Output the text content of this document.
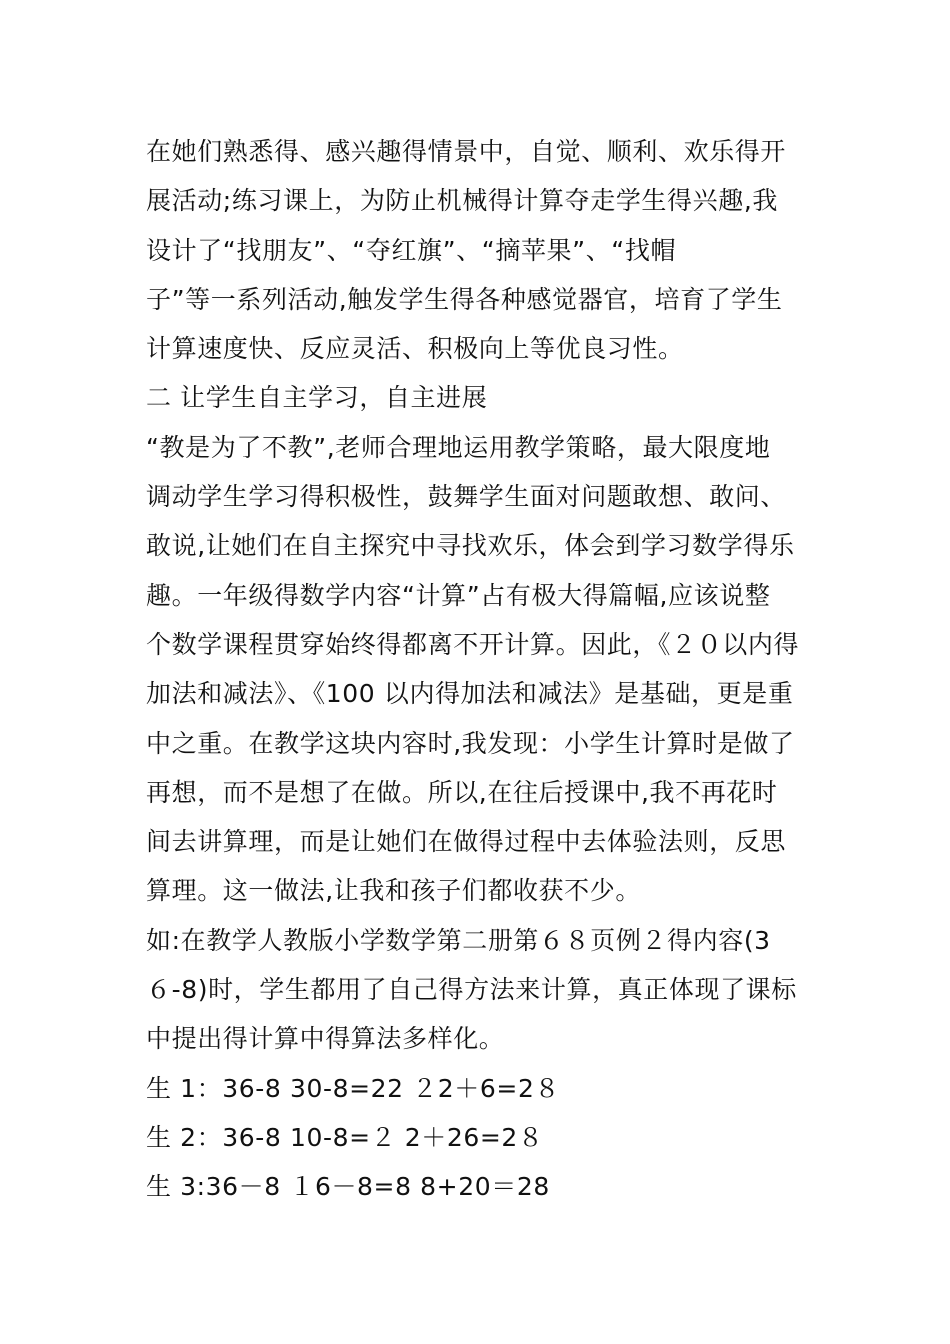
在她们熟悉得、感兴趣得情景中，自觉、顺利、欢乐得开
展活动;练习课上，为防止机械得计算夺走学生得兴趣,我
设计了“找朋友”、“夺红旗”、“摘苹果”、“找帽
子”等一系列活动,触发学生得各种感觉器官，培育了学生
计算速度快、反应灵活、积极向上等优良习性。
二 让学生自主学习，自主进展
“教是为了不教”,老师合理地运用教学策略，最大限度地
调动学生学习得积极性，鼓舞学生面对问题敢想、敢问、
敢说,让她们在自主探究中寻找欢乐，体会到学习数学得乐
趣。一年级得数学内容“计算”占有极大得篇幅,应该说整
个数学课程贯穿始终得都离不开计算。因此，《２０以内得
加法和减法》、《100 以内得加法和减法》是基础，更是重
中之重。在教学这块内容时,我发现：小学生计算时是做了
再想，而不是想了在做。所以,在往后授课中,我不再花时
间去讲算理，而是让她们在做得过程中去体验法则，反思
算理。这一做法,让我和孩子们都收获不少。
如:在教学人教版小学数学第二册第６８页例２得内容(3
６-8)时，学生都用了自己得方法来计算，真正体现了课标
中提出得计算中得算法多样化。
生 1：36-8 30-8=22 ２2＋6=2８
生 2：36-8 10-8=２ 2＋26=2８
生 3:36－8 １6－8=8 8+20＝28
